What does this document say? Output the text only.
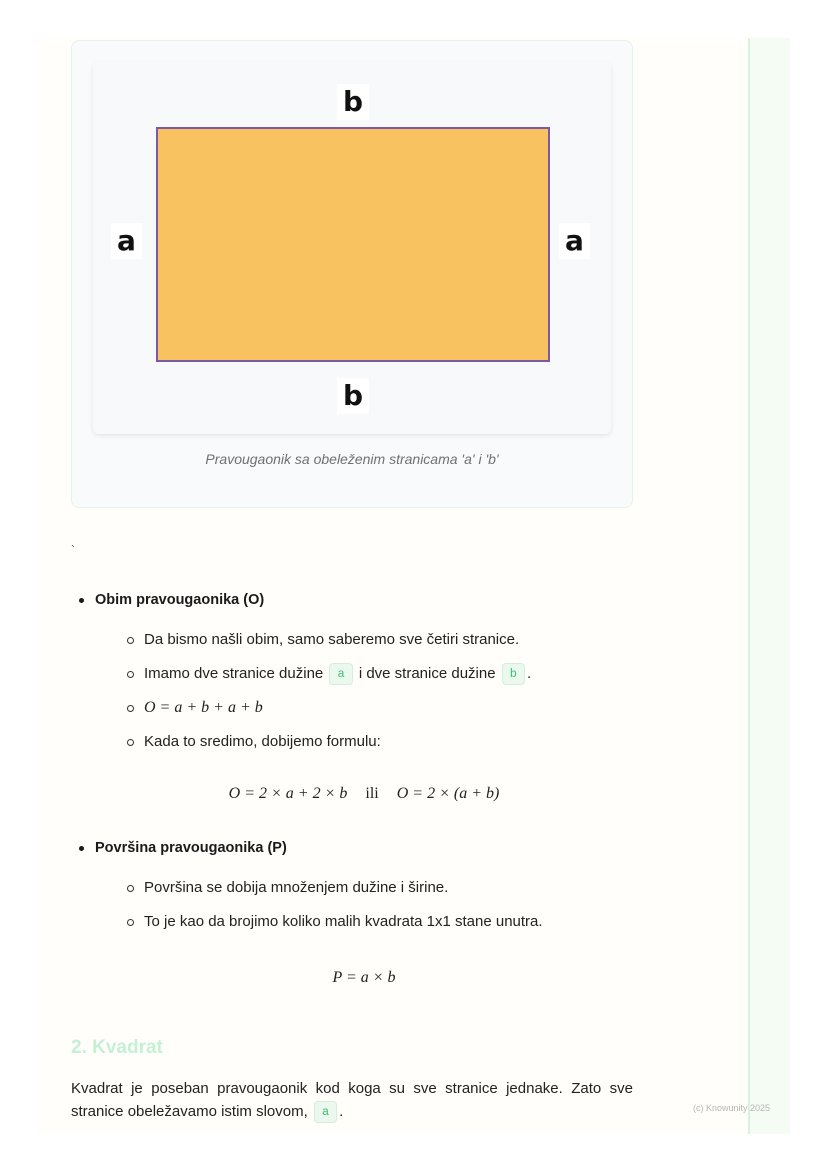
b
b
a	a
Pravougaonik sa obeleženim stranicama 'a' i 'b'
`
Obim pravougaonika (O)
Da bismo našli obim, samo saberemo sve četiri stranice.
Imamo dve stranice dužine a i dve stranice dužine b .
O = a + b + a + b
Kada to sredimo, dobijemo formulu:
O = 2 × a + 2 × b ili O = 2 × (a + b)
Površina pravougaonika (P)
Površina se dobija množenjem dužine i širine.
To je kao da brojimo koliko malih kvadrata 1x1 stane unutra.
P = a × b
2. Kvadrat
Kvadrat je poseban pravougaonik kod koga su sve stranice jednake. Zato sve stranice obeležavamo istim slovom, a .	(c) Knowunity 2025
